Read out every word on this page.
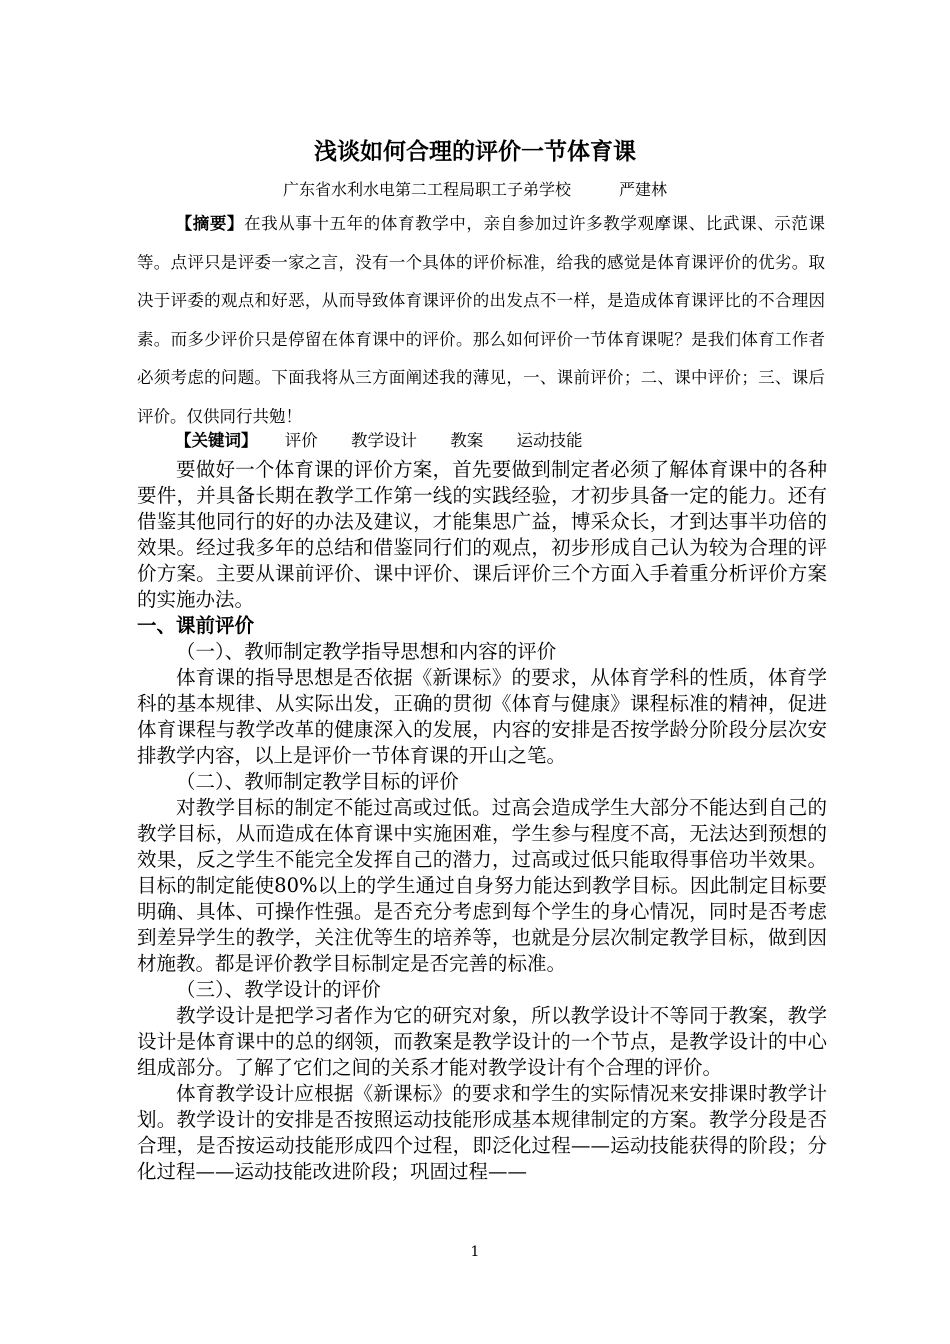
浅谈如何合理的评价一节体育课
广东省水利水电第二工程局职工子弟学校	严建林
【摘要】在我从事十五年的体育教学中，亲自参加过许多教学观摩课、比武课、示范课等。点评只是评委一家之言，没有一个具体的评价标准，给我的感觉是体育课评价的优劣。取决于评委的观点和好恶，从而导致体育课评价的出发点不一样，是造成体育课评比的不合理因素。而多少评价只是停留在体育课中的评价。那么如何评价一节体育课呢？是我们体育工作者必须考虑的问题。下面我将从三方面阐述我的薄见，一、课前评价；二、课中评价；三、课后评价。仅供同行共勉！
【关键词】 评价 教学设计 教案 运动技能

要做好一个体育课的评价方案，首先要做到制定者必须了解体育课中的各种要件，并具备长期在教学工作第一线的实践经验，才初步具备一定的能力。还有借鉴其他同行的好的办法及建议，才能集思广益，博采众长，才到达事半功倍的效果。经过我多年的总结和借鉴同行们的观点，初步形成自己认为较为合理的评价方案。主要从课前评价、课中评价、课后评价三个方面入手着重分析评价方案的实施办法。

一、课前评价

（一）、教师制定教学指导思想和内容的评价

体育课的指导思想是否依据《新课标》的要求，从体育学科的性质，体育学科的基本规律、从实际出发，正确的贯彻《体育与健康》课程标准的精神，促进体育课程与教学改革的健康深入的发展，内容的安排是否按学龄分阶段分层次安排教学内容，以上是评价一节体育课的开山之笔。

（二）、教师制定教学目标的评价

对教学目标的制定不能过高或过低。过高会造成学生大部分不能达到自己的教学目标，从而造成在体育课中实施困难，学生参与程度不高，无法达到预想的效果，反之学生不能完全发挥自己的潜力，过高或过低只能取得事倍功半效果。目标的制定能使80%以上的学生通过自身努力能达到教学目标。因此制定目标要明确、具体、可操作性强。是否充分考虑到每个学生的身心情况，同时是否考虑到差异学生的教学，关注优等生的培养等，也就是分层次制定教学目标，做到因材施教。都是评价教学目标制定是否完善的标准。

（三）、教学设计的评价

教学设计是把学习者作为它的研究对象，所以教学设计不等同于教案，教学设计是体育课中的总的纲领，而教案是教学设计的一个节点，是教学设计的中心组成部分。了解了它们之间的关系才能对教学设计有个合理的评价。

体育教学设计应根据《新课标》的要求和学生的实际情况来安排课时教学计划。教学设计的安排是否按照运动技能形成基本规律制定的方案。教学分段是否合理，是否按运动技能形成四个过程，即泛化过程——运动技能获得的阶段；分化过程——运动技能改进阶段；巩固过程——

1
